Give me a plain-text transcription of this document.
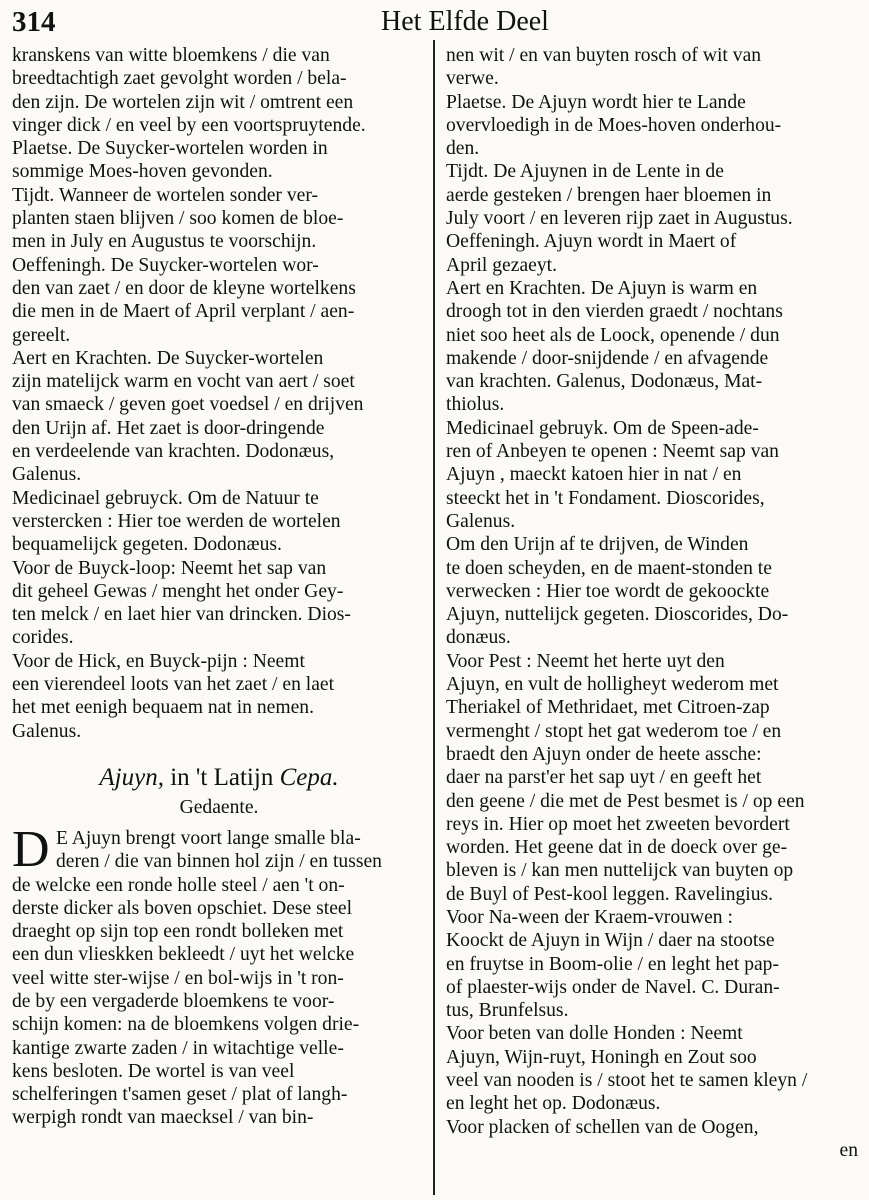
314	Het Elfde Deel
kranskens van witte bloemkens / die van
breedtachtigh zaet gevolght worden / bela-
den zijn. De wortelen zijn wit / omtrent een
vinger dick / en veel by een voortspruytende.
Plaetse. De Suycker-wortelen worden in
sommige Moes-hoven gevonden.
Tijdt. Wanneer de wortelen sonder ver-
planten staen blijven / soo komen de bloe-
men in July en Augustus te voorschijn.
Oeffeningh. De Suycker-wortelen wor-
den van zaet / en door de kleyne wortelkens
die men in de Maert of April verplant / aen-
gereelt.
Aert en Krachten. De Suycker-wortelen
zijn matelijck warm en vocht van aert / soet
van smaeck / geven goet voedsel / en drijven
den Urijn af. Het zaet is door-dringende
en verdeelende van krachten. Dodonæus,
Galenus.
Medicinael gebruyck. Om de Natuur te
verstercken : Hier toe werden de wortelen
bequamelijck gegeten. Dodonæus.
Voor de Buyck-loop: Neemt het sap van
dit geheel Gewas / menght het onder Gey-
ten melck / en laet hier van drincken. Dios-
corides.
Voor de Hick, en Buyck-pijn : Neemt
een vierendeel loots van het zaet / en laet
het met eenigh bequaem nat in nemen.
Galenus.
Ajuyn, in 't Latijn Cepa.
Gedaente.
D E Ajuyn brengt voort lange smalle bla-
deren / die van binnen hol zijn / en tussen
de welcke een ronde holle steel / aen 't on-
derste dicker als boven opschiet. Dese steel
draeght op sijn top een rondt bolleken met
een dun vlieskken bekleedt / uyt het welcke
veel witte ster-wijse / en bol-wijs in 't ron-
de by een vergaderde bloemkens te voor-
schijn komen: na de bloemkens volgen drie-
kantige zwarte zaden / in witachtige velle-
kens besloten. De wortel is van veel
schelferingen t'samen geset / plat of langh-
werpigh rondt van maecksel / van bin-
nen wit / en van buyten rosch of wit van
verwe.
Plaetse. De Ajuyn wordt hier te Lande
overvloedigh in de Moes-hoven onderhou-
den.
Tijdt. De Ajuynen in de Lente in de
aerde gesteken / brengen haer bloemen in
July voort / en leveren rijp zaet in Augustus.
Oeffeningh. Ajuyn wordt in Maert of
April gezaeyt.
Aert en Krachten. De Ajuyn is warm en
droogh tot in den vierden graedt / nochtans
niet soo heet als de Loock, openende / dun
makende / door-snijdende / en afvagende
van krachten. Galenus, Dodonæus, Mat-
thiolus.
Medicinael gebruyk. Om de Speen-ade-
ren of Anbeyen te openen : Neemt sap van
Ajuyn , maeckt katoen hier in nat / en
steeckt het in 't Fondament. Dioscorides,
Galenus.
Om den Urijn af te drijven, de Winden
te doen scheyden, en de maent-stonden te
verwecken : Hier toe wordt de gekoockte
Ajuyn, nuttelijck gegeten. Dioscorides, Do-
donæus.
Voor Pest : Neemt het herte uyt den
Ajuyn, en vult de holligheyt wederom met
Theriakel of Methridaet, met Citroen-zap
vermenght / stopt het gat wederom toe / en
braedt den Ajuyn onder de heete assche:
daer na parst'er het sap uyt / en geeft het
den geene / die met de Pest besmet is / op een
reys in. Hier op moet het zweeten bevordert
worden. Het geene dat in de doeck over ge-
bleven is / kan men nuttelijck van buyten op
de Buyl of Pest-kool leggen. Ravelingius.
Voor Na-ween der Kraem-vrouwen :
Koockt de Ajuyn in Wijn / daer na stootse
en fruytse in Boom-olie / en leght het pap-
of plaester-wijs onder de Navel. C. Duran-
tus, Brunfelsus.
Voor beten van dolle Honden : Neemt
Ajuyn, Wijn-ruyt, Honingh en Zout soo
veel van nooden is / stoot het te samen kleyn /
en leght het op. Dodonæus.
Voor placken of schellen van de Oogen,
en
